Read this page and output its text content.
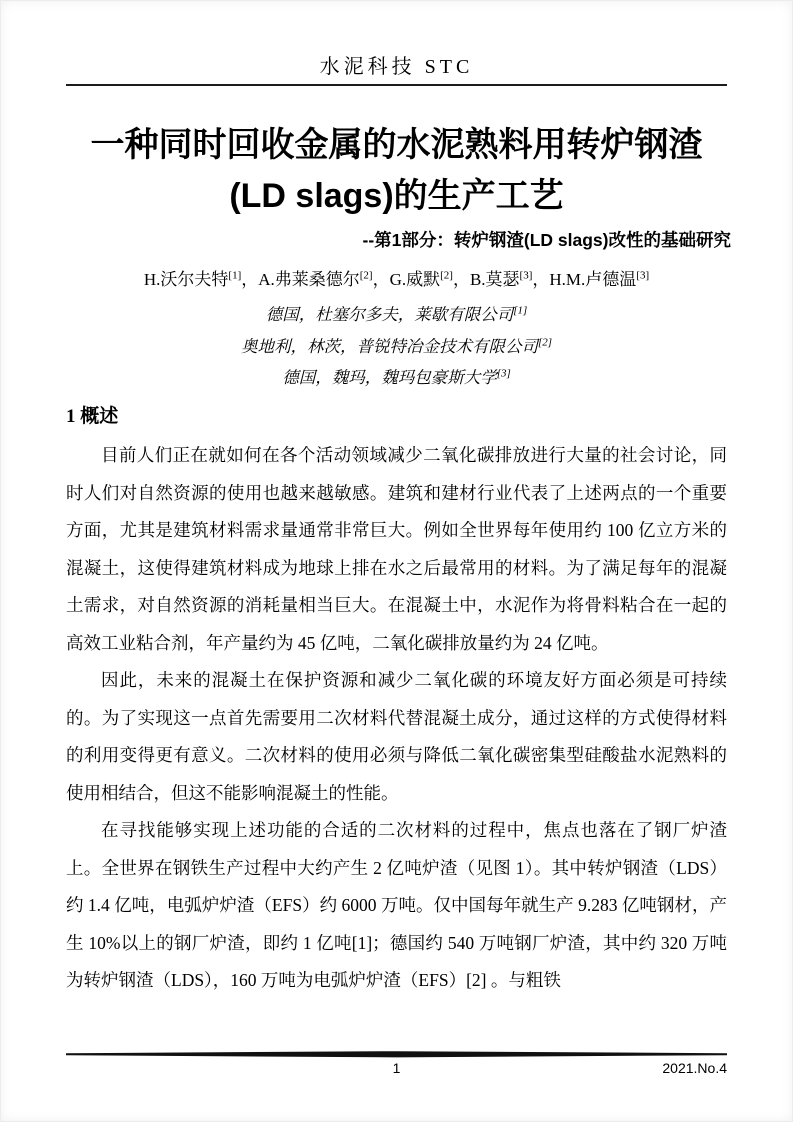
水泥科技 STC
一种同时回收金属的水泥熟料用转炉钢渣
(LD slags)的生产工艺
--第1部分：转炉钢渣(LD slags)改性的基础研究
H.沃尔夫特[1]，A.弗莱桑德尔[2]，G.威默[2]，B.莫瑟[3]，H.M.卢德温[3]
德国，杜塞尔多夫，莱歇有限公司[1]
奥地利，林茨，普锐特冶金技术有限公司[2]
德国，魏玛，魏玛包豪斯大学[3]
1 概述

目前人们正在就如何在各个活动领域减少二氧化碳排放进行大量的社会讨论，同时人们对自然资源的使用也越来越敏感。建筑和建材行业代表了上述两点的一个重要方面，尤其是建筑材料需求量通常非常巨大。例如全世界每年使用约 100 亿立方米的混凝土，这使得建筑材料成为地球上排在水之后最常用的材料。为了满足每年的混凝土需求，对自然资源的消耗量相当巨大。在混凝土中，水泥作为将骨料粘合在一起的高效工业粘合剂，年产量约为 45 亿吨，二氧化碳排放量约为 24 亿吨。

因此，未来的混凝土在保护资源和减少二氧化碳的环境友好方面必须是可持续的。为了实现这一点首先需要用二次材料代替混凝土成分，通过这样的方式使得材料的利用变得更有意义。二次材料的使用必须与降低二氧化碳密集型硅酸盐水泥熟料的使用相结合，但这不能影响混凝土的性能。

在寻找能够实现上述功能的合适的二次材料的过程中，焦点也落在了钢厂炉渣上。全世界在钢铁生产过程中大约产生 2 亿吨炉渣（见图 1）。其中转炉钢渣（LDS）约 1.4 亿吨，电弧炉炉渣（EFS）约 6000 万吨。仅中国每年就生产 9.283 亿吨钢材，产生 10%以上的钢厂炉渣，即约 1 亿吨[1]；德国约 540 万吨钢厂炉渣，其中约 320 万吨为转炉钢渣（LDS），160 万吨为电弧炉炉渣（EFS）[2] 。与粗铁

1	2021.No.4
